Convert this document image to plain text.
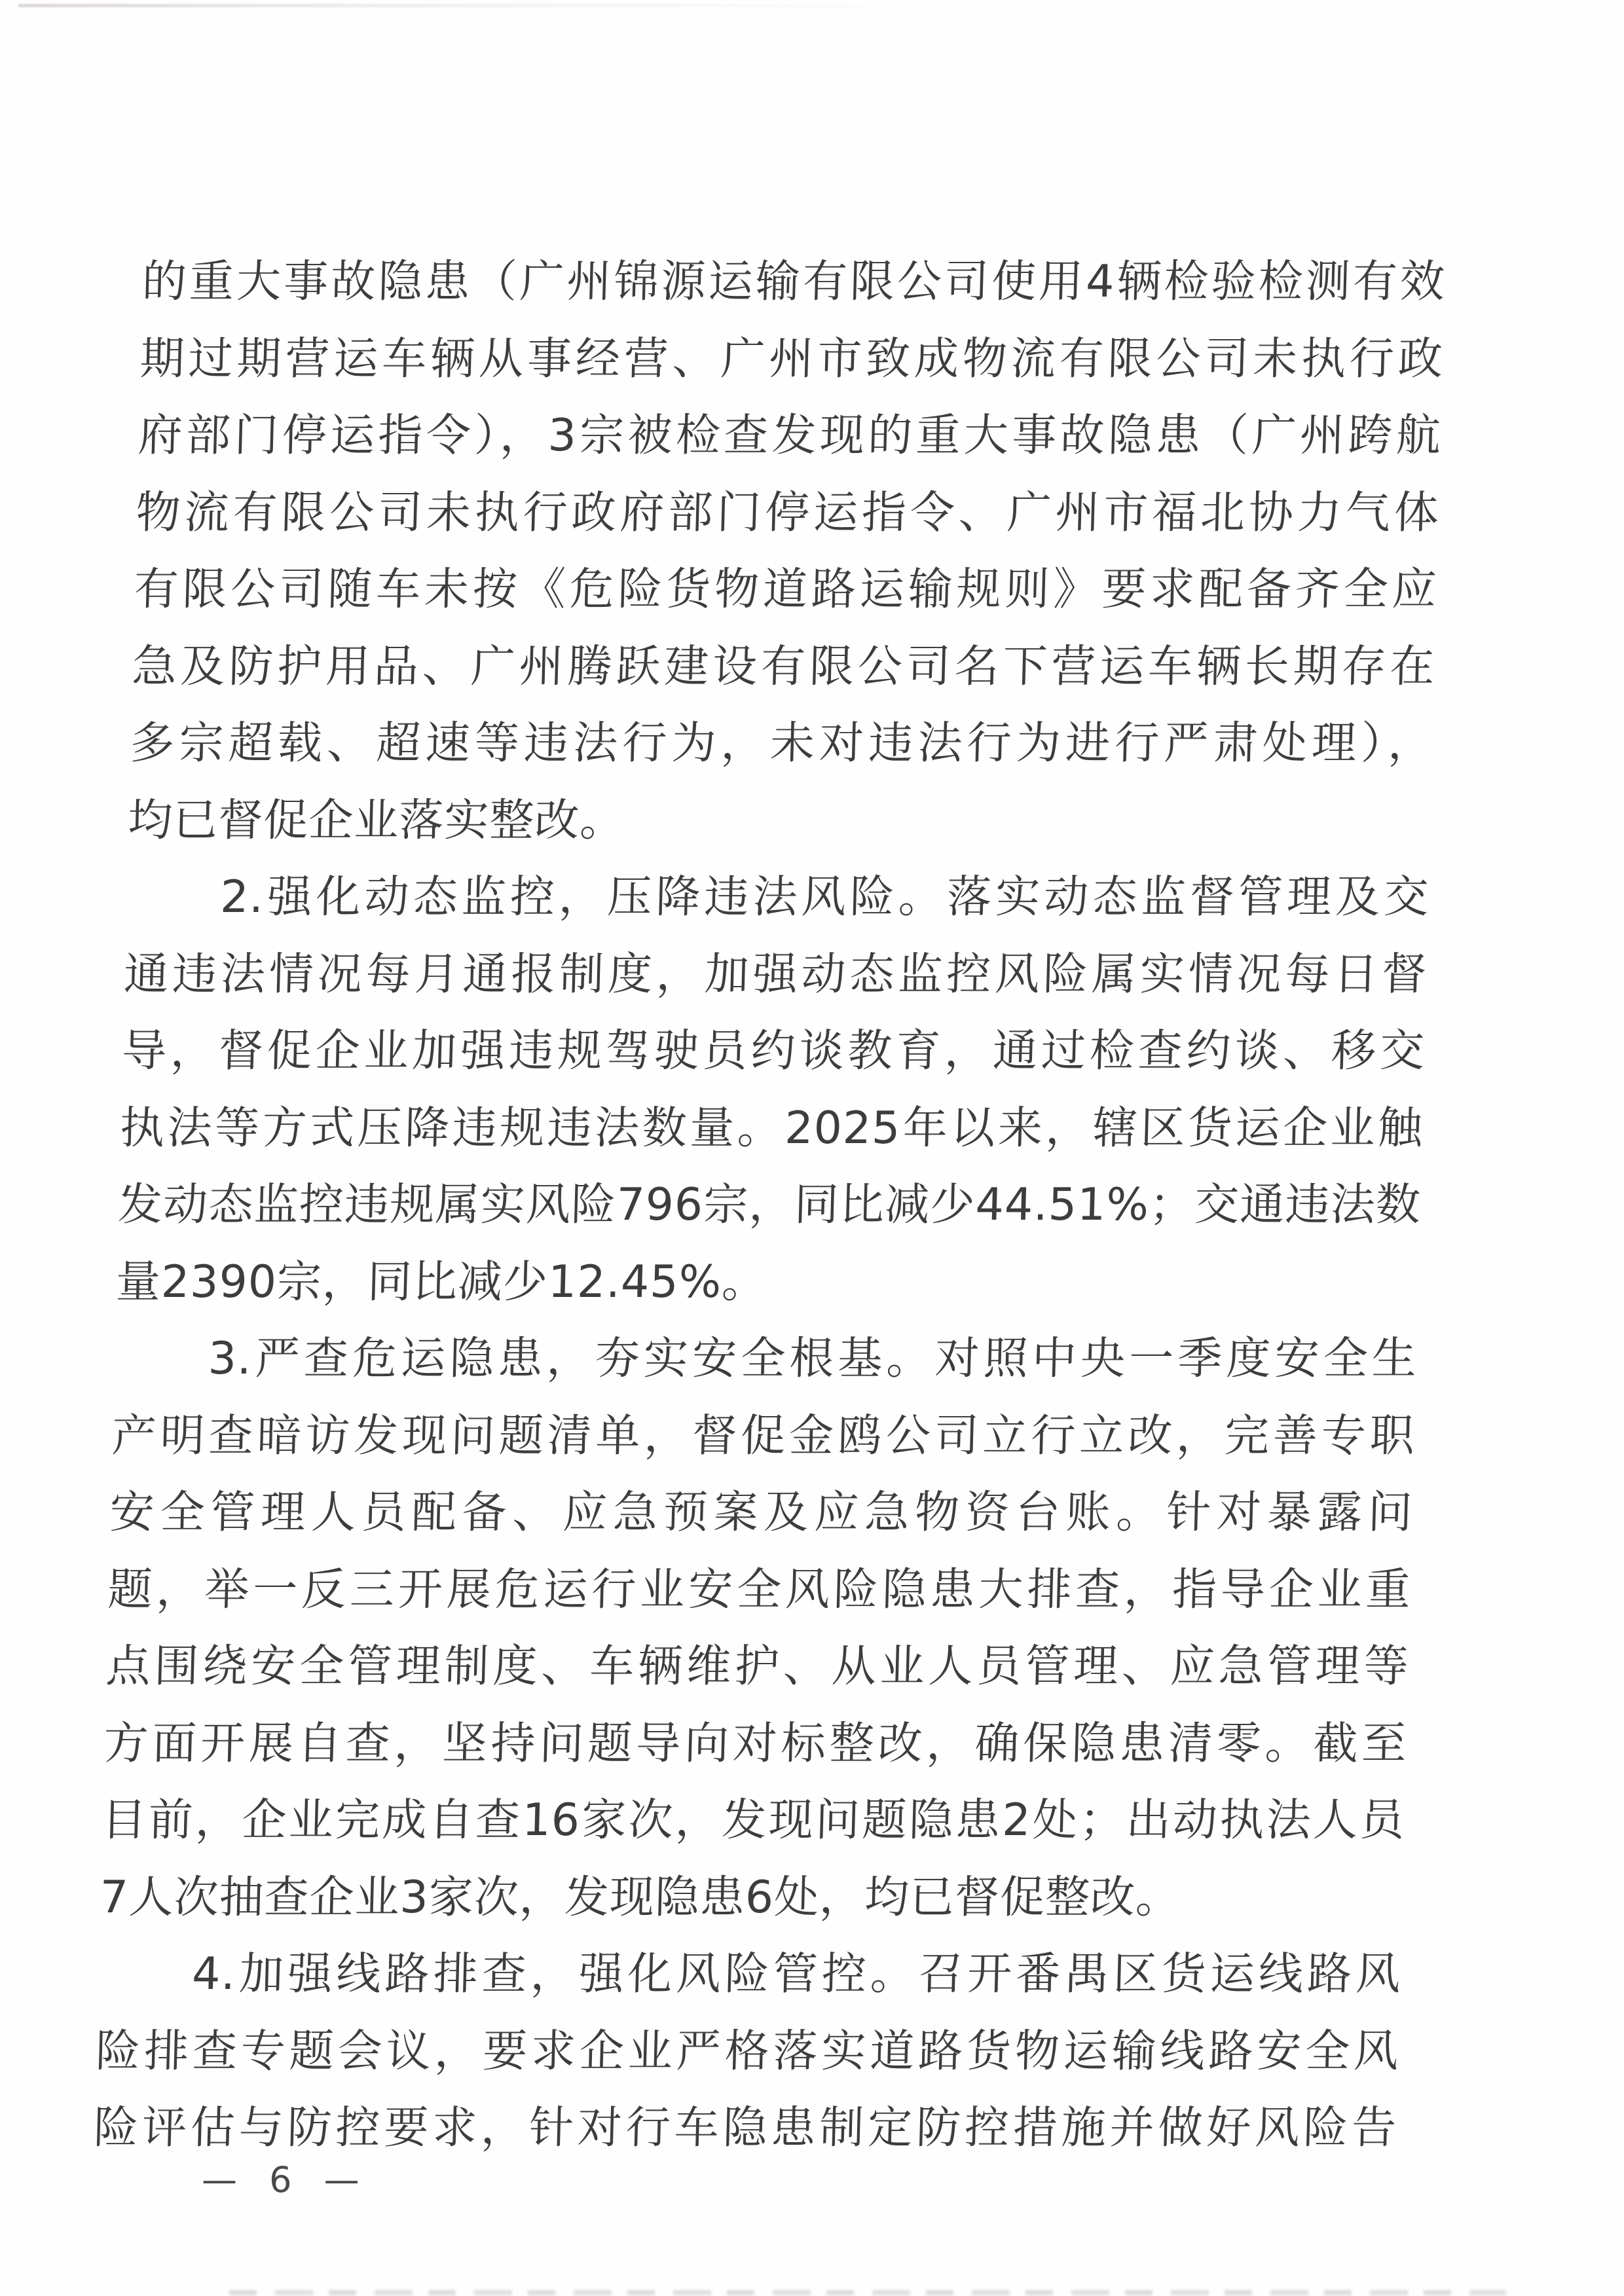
的重大事故隐患（广州锦源运输有限公司使用4辆检验检测有效
期过期营运车辆从事经营、广州市致成物流有限公司未执行政
府部门停运指令），3宗被检查发现的重大事故隐患（广州跨航
物流有限公司未执行政府部门停运指令、广州市福北协力气体
有限公司随车未按《危险货物道路运输规则》要求配备齐全应
急及防护用品、广州腾跃建设有限公司名下营运车辆长期存在
多宗超载、超速等违法行为，未对违法行为进行严肃处理），
均已督促企业落实整改。
2.强化动态监控，压降违法风险。落实动态监督管理及交
通违法情况每月通报制度，加强动态监控风险属实情况每日督
导，督促企业加强违规驾驶员约谈教育，通过检查约谈、移交
执法等方式压降违规违法数量。2025年以来，辖区货运企业触
发动态监控违规属实风险796宗，同比减少44.51%；交通违法数
量2390宗，同比减少12.45%。
3.严查危运隐患，夯实安全根基。对照中央一季度安全生
产明查暗访发现问题清单，督促金鸥公司立行立改，完善专职
安全管理人员配备、应急预案及应急物资台账。针对暴露问
题，举一反三开展危运行业安全风险隐患大排查，指导企业重
点围绕安全管理制度、车辆维护、从业人员管理、应急管理等
方面开展自查，坚持问题导向对标整改，确保隐患清零。截至
目前，企业完成自查16家次，发现问题隐患2处；出动执法人员
7人次抽查企业3家次，发现隐患6处，均已督促整改。
4.加强线路排查，强化风险管控。召开番禺区货运线路风
险排查专题会议，要求企业严格落实道路货物运输线路安全风
险评估与防控要求，针对行车隐患制定防控措施并做好风险告
— 6 —
